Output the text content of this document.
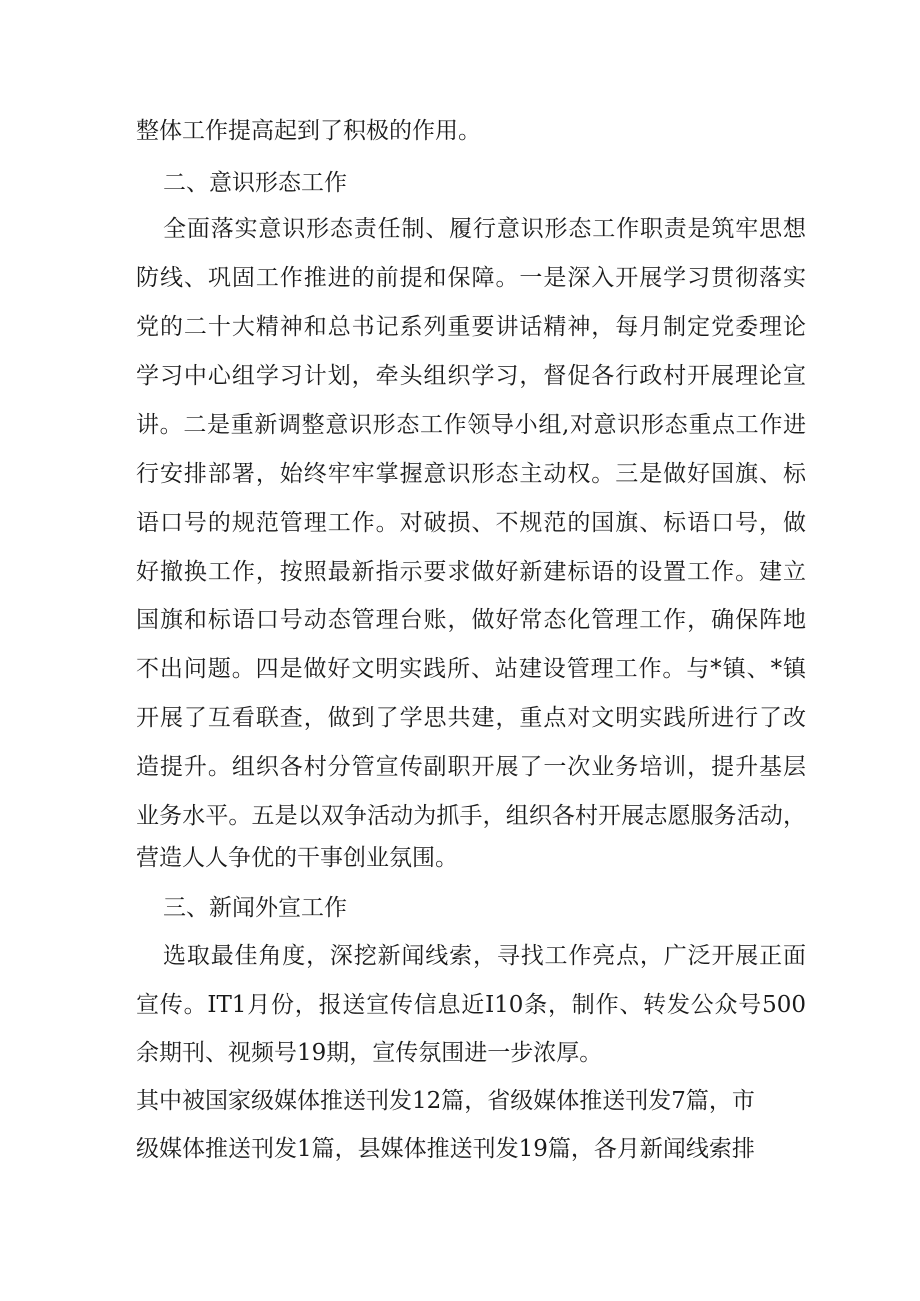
整体工作提高起到了积极的作用。
二、意识形态工作
全面落实意识形态责任制、履行意识形态工作职责是筑牢思想
防线、巩固工作推进的前提和保障。一是深入开展学习贯彻落实
党的二十大精神和总书记系列重要讲话精神，每月制定党委理论
学习中心组学习计划，牵头组织学习，督促各行政村开展理论宣
讲。二是重新调整意识形态工作领导小组,对意识形态重点工作进
行安排部署，始终牢牢掌握意识形态主动权。三是做好国旗、标
语口号的规范管理工作。对破损、不规范的国旗、标语口号，做
好撤换工作，按照最新指示要求做好新建标语的设置工作。建立
国旗和标语口号动态管理台账，做好常态化管理工作，确保阵地
不出问题。四是做好文明实践所、站建设管理工作。与*镇、*镇
开展了互看联查，做到了学思共建，重点对文明实践所进行了改
造提升。组织各村分管宣传副职开展了一次业务培训，提升基层
业务水平。五是以双争活动为抓手，组织各村开展志愿服务活动，
营造人人争优的干事创业氛围。
三、新闻外宣工作
选取最佳角度，深挖新闻线索，寻找工作亮点，广泛开展正面
宣传。IT1月份，报送宣传信息近I10条，制作、转发公众号500
余期刊、视频号19期，宣传氛围进一步浓厚。
其中被国家级媒体推送刊发12篇，省级媒体推送刊发7篇，市
级媒体推送刊发1篇，县媒体推送刊发19篇，各月新闻线索排
